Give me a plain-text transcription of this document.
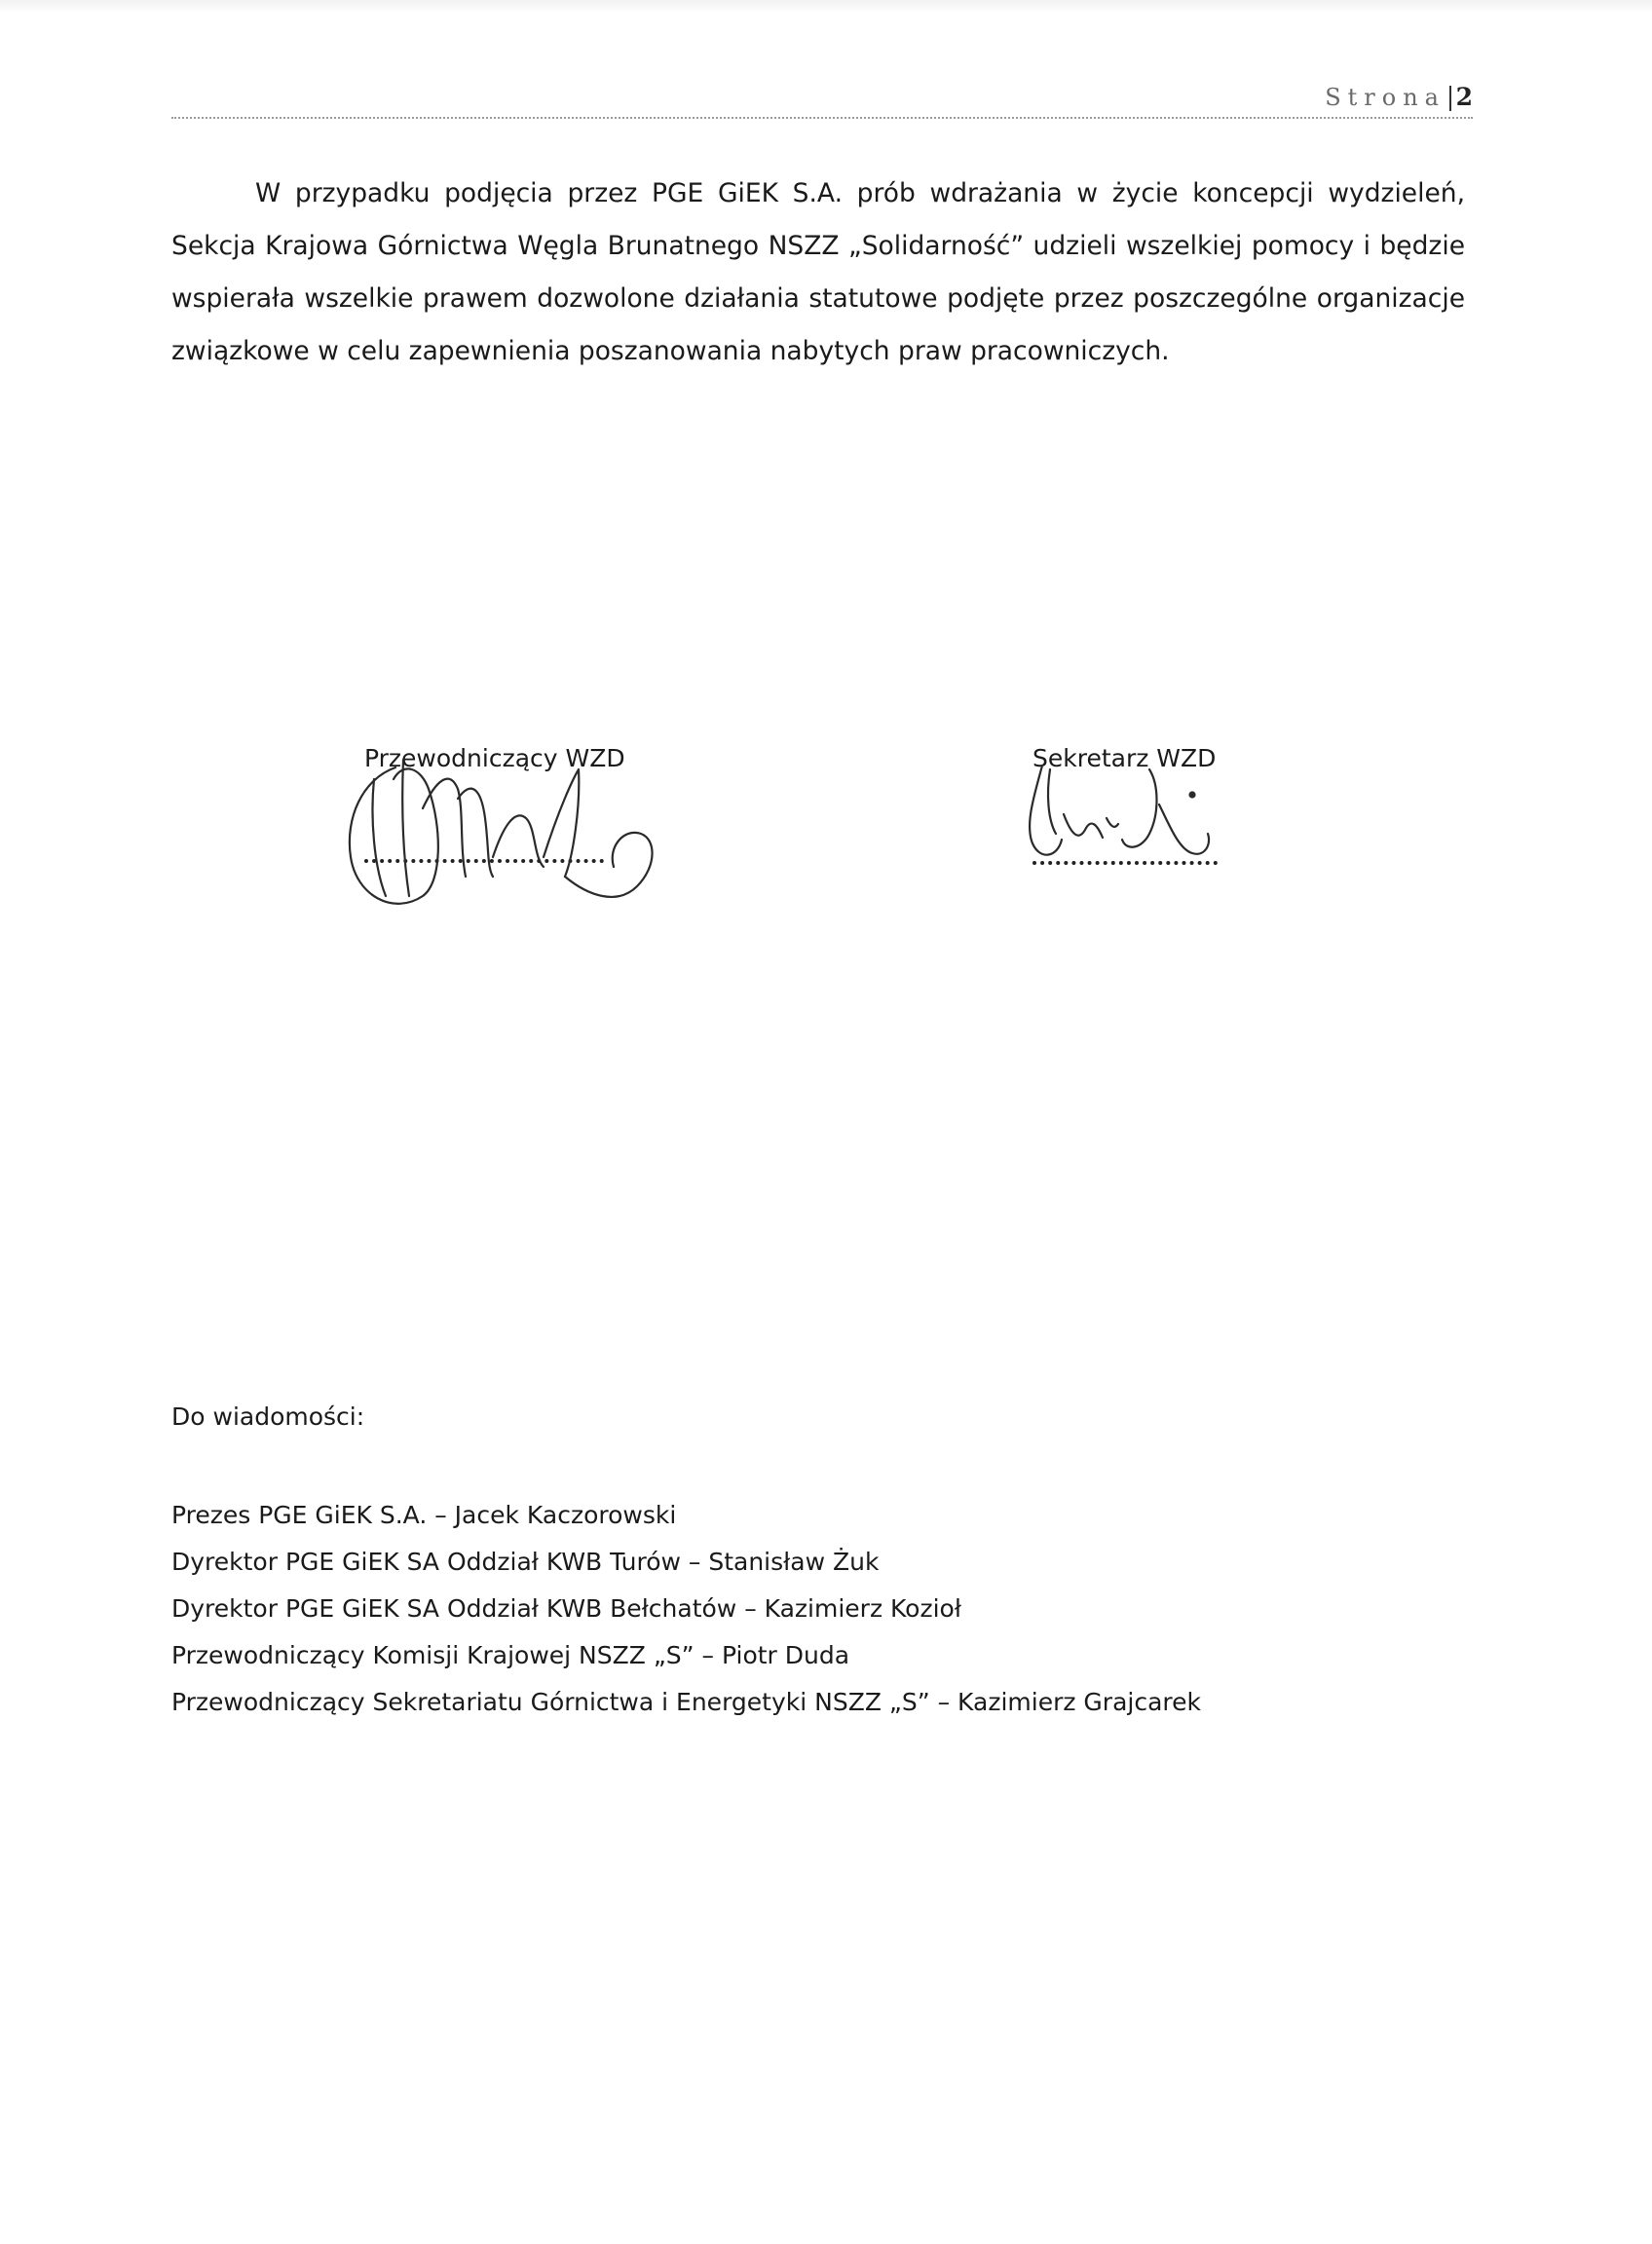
Strona 2

W przypadku podjęcia przez PGE GiEK S.A. prób wdrażania w życie koncepcji wydzieleń, Sekcja Krajowa Górnictwa Węgla Brunatnego NSZZ „Solidarność” udzieli wszelkiej pomocy i będzie wspierała wszelkie prawem dozwolone działania statutowe podjęte przez poszczególne organizacje związkowe w celu zapewnienia poszanowania nabytych praw pracowniczych.

Przewodniczący WZD	Sekretarz WZD
Do wiadomości:
Prezes PGE GiEK S.A. – Jacek Kaczorowski
Dyrektor PGE GiEK SA Oddział KWB Turów – Stanisław Żuk
Dyrektor PGE GiEK SA Oddział KWB Bełchatów – Kazimierz Kozioł
Przewodniczący Komisji Krajowej NSZZ „S” – Piotr Duda
Przewodniczący Sekretariatu Górnictwa i Energetyki NSZZ „S” – Kazimierz Grajcarek
